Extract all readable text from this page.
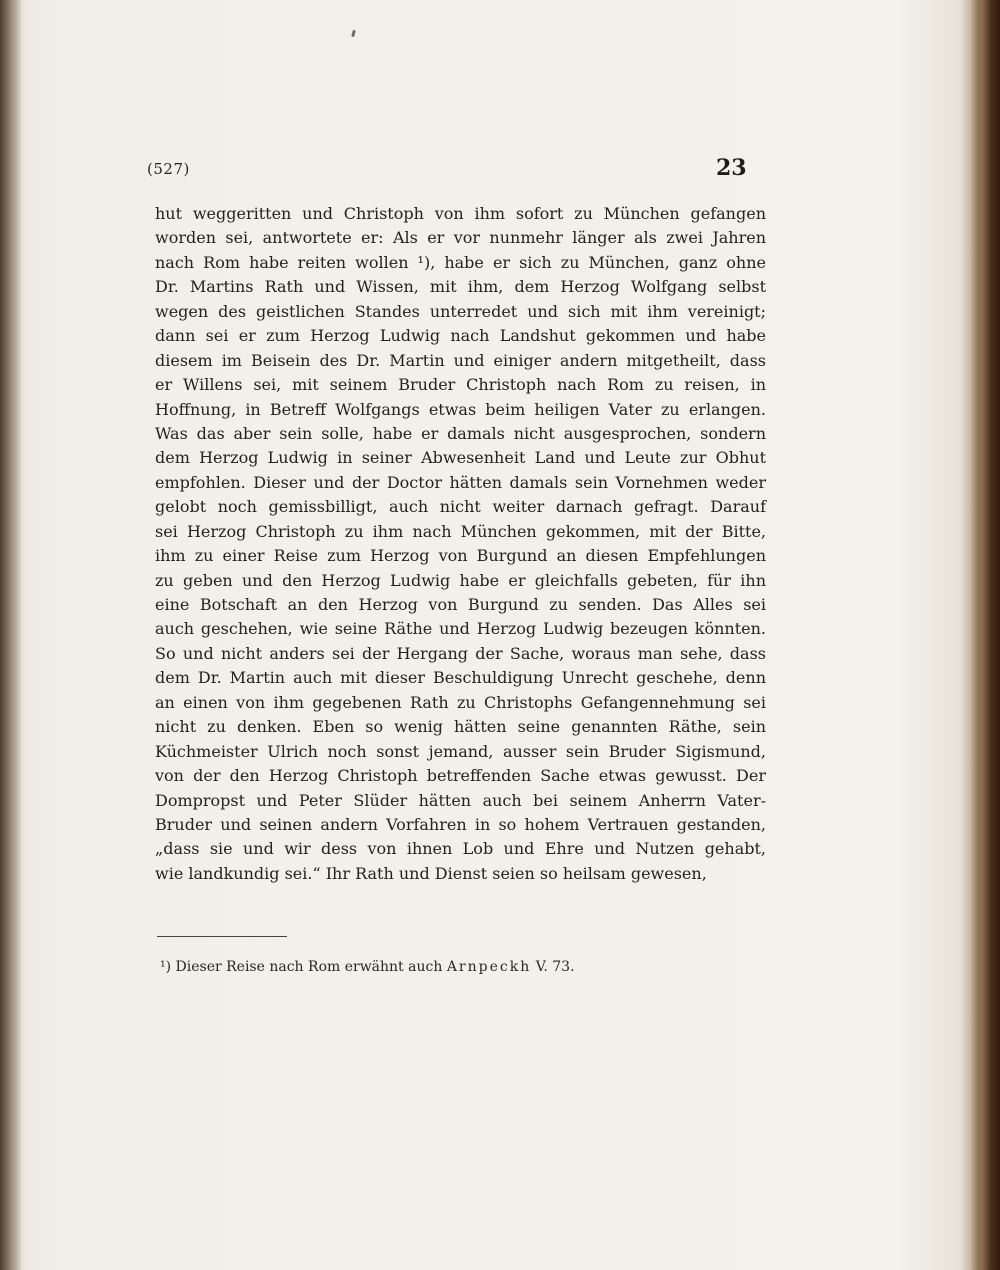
(527)	23
hut weggeritten und Christoph von ihm sofort zu München gefangen
worden sei, antwortete er: Als er vor nunmehr länger als zwei Jahren
nach Rom habe reiten wollen ¹), habe er sich zu München, ganz ohne
Dr. Martins Rath und Wissen, mit ihm, dem Herzog Wolfgang selbst
wegen des geistlichen Standes unterredet und sich mit ihm vereinigt;
dann sei er zum Herzog Ludwig nach Landshut gekommen und habe
diesem im Beisein des Dr. Martin und einiger andern mitgetheilt, dass
er Willens sei, mit seinem Bruder Christoph nach Rom zu reisen, in
Hoffnung, in Betreff Wolfgangs etwas beim heiligen Vater zu erlangen.
Was das aber sein solle, habe er damals nicht ausgesprochen, sondern
dem Herzog Ludwig in seiner Abwesenheit Land und Leute zur Obhut
empfohlen. Dieser und der Doctor hätten damals sein Vornehmen weder
gelobt noch gemissbilligt, auch nicht weiter darnach gefragt. Darauf
sei Herzog Christoph zu ihm nach München gekommen, mit der Bitte,
ihm zu einer Reise zum Herzog von Burgund an diesen Empfehlungen
zu geben und den Herzog Ludwig habe er gleichfalls gebeten, für ihn
eine Botschaft an den Herzog von Burgund zu senden. Das Alles sei
auch geschehen, wie seine Räthe und Herzog Ludwig bezeugen könnten.
So und nicht anders sei der Hergang der Sache, woraus man sehe, dass
dem Dr. Martin auch mit dieser Beschuldigung Unrecht geschehe, denn
an einen von ihm gegebenen Rath zu Christophs Gefangennehmung sei
nicht zu denken. Eben so wenig hätten seine genannten Räthe, sein
Küchmeister Ulrich noch sonst jemand, ausser sein Bruder Sigismund,
von der den Herzog Christoph betreffenden Sache etwas gewusst. Der
Dompropst und Peter Slüder hätten auch bei seinem Anherrn Vater-
Bruder und seinen andern Vorfahren in so hohem Vertrauen gestanden,
„dass sie und wir dess von ihnen Lob und Ehre und Nutzen gehabt,
wie landkundig sei.“ Ihr Rath und Dienst seien so heilsam gewesen,
¹) Dieser Reise nach Rom erwähnt auch Arnpeckh V. 73.
